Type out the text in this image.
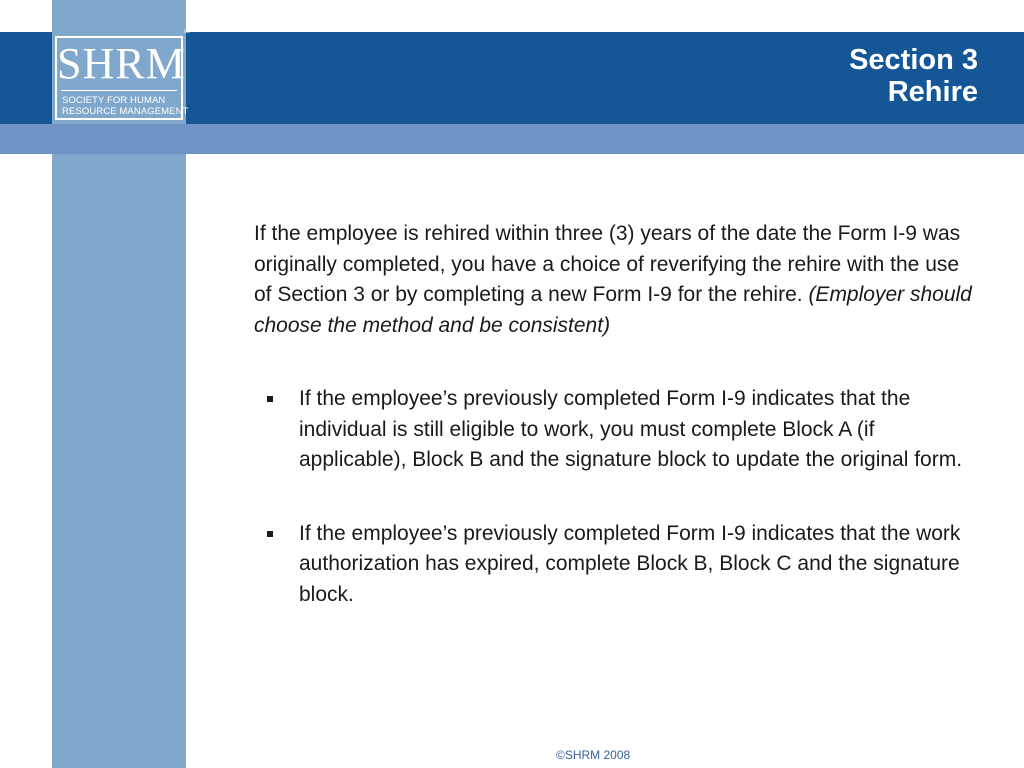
SHRM
SOCIETY FOR HUMAN
RESOURCE MANAGEMENT
™
Section 3
Rehire

If the employee is rehired within three (3) years of the date the Form I-9 was originally completed, you have a choice of reverifying the rehire with the use of Section 3 or by completing a new Form I-9 for the rehire. (Employer should choose the method and be consistent)

If the employee’s previously completed Form I-9 indicates that the individual is still eligible to work, you must complete Block A (if applicable), Block B and the signature block to update the original form.
If the employee’s previously completed Form I-9 indicates that the work authorization has expired, complete Block B, Block C and the signature block.
©SHRM 2008
